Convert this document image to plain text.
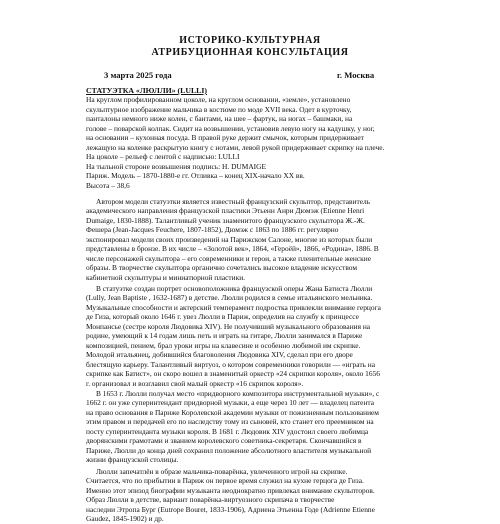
ИСТОРИКО-КУЛЬТУРНАЯ
АТРИБУЦИОННАЯ КОНСУЛЬТАЦИЯ
3 марта 2025 года	г. Москва
СТАТУЭТКА «ЛЮЛЛИ» (LULLI)
На круглом профилированном цоколе, на круглом основании, «земле», установлено
скульптурное изображение мальчика в костюме по моде XVII века. Одет в курточку,
панталоны немного ниже колен, с бантами, на шее – фартук, на ногах – башмаки, на
голове – поварской колпак. Сидит на возвышении, установив левую ногу на кадушку, у ног,
на основании – кухонная посуда. В правой руке держит смычок, которым придерживает
лежащую на коленке раскрытую книгу с нотами, левой рукой придерживает скрипку на плече.
На цоколе – рельеф с лентой с надписью: LULLI
На тыльной стороне возвышения подпись: H. DUMAIGE
Париж. Модель – 1870-1880-е гг. Отливка – конец XIX-начало XX вв.
Высота – 38,6
Автором модели статуэтки является известный французский скульптор, представитель
академического направления французской пластики Этьенн Анри Дюмэж (Etienne Henri
Dumaige, 1830-1888). Талантливый ученик знаменитого французского скульптора Ж.-Ж.
Фешера (Jean-Jacques Feuchere, 1807-1852), Дюмэж с 1863 по 1886 гг. регулярно
экспонировал модели своих произведений на Парижском Салоне, многие из которых были
представлены в бронзе. В их числе – «Золотой век», 1864, «Героёй», 1866, «Родина», 1886. В
числе персонажей скульптора – его современники и герои, а также пленительные женские
образы. В творчестве скульптора органично сочетались высокое владение искусством
кабинетной скульптуры и миниатюрной пластики.
В статуэтке создан портрет основоположника французской оперы Жана Батиста Люлли
(Lully, Jean Baptiste , 1632-1687) в детстве. Люлли родился в семье итальянского мельника.
Музыкальные способности и актерский темперамент подростка привлекли внимание герцога
де Гиза, который около 1646 г. увез Люлли в Париж, определив на службу к принцессе
Монпансье (сестре короля Людовика XIV). Не получивший музыкального образования на
родине, умеющий к 14 годам лишь петь и играть на гитаре, Люлли занимался в Париже
композицией, пением, брал уроки игры на клавесине и особенно любимой им скрипке.
Молодой итальянец, добившийся благоволения Людовика XIV, сделал при его дворе
блестящую карьеру. Талантливый виртуоз, о котором современники говорили — «играть на
скрипке как Батист», он скоро вошел в знаменитый оркестр «24 скрипки короля», около 1656
г. организовал и возглавил свой малый оркестр «16 скрипок короля».
В 1653 г. Люлли получал место «придворного композитора инструментальной музыки», с
1662 г. он уже суперинтендант придворной музыки, а еще через 10 лет — владелец патента
на право основания в Париже Королевской академии музыки от пожизненным пользованием
этим правом и передачей его по наследству тому из сыновей, кто станет его преемником на
посту суперинтенданта музыки короля. В 1681 г. Людовик XIV удостоил своего любимца
дворянскими грамотами и званием королевского советника-секретаря. Скончавшийся в
Париже, Люлли до конца дней сохранил положение абсолютного властителя музыкальной
жизни французской столицы.
Люлли запечатлён в образе мальчика-поварёнка, увлеченного игрой на скрипке.
Считается, что по прибытии в Париж он первое время служил на кухне герцога де Гиза.
Именно этот эпизод биографии музыканта неоднократно привлекал внимание скульпторов.
Образ Люлли в детстве, вариант поварёнка-виртуозного скрипача в творчестве
наследии Этропа Бург (Eutrope Bouret, 1833-1906), Адриена Этьенна Годе (Adrienne Etienne
Gaudez, 1845-1902) и др.
